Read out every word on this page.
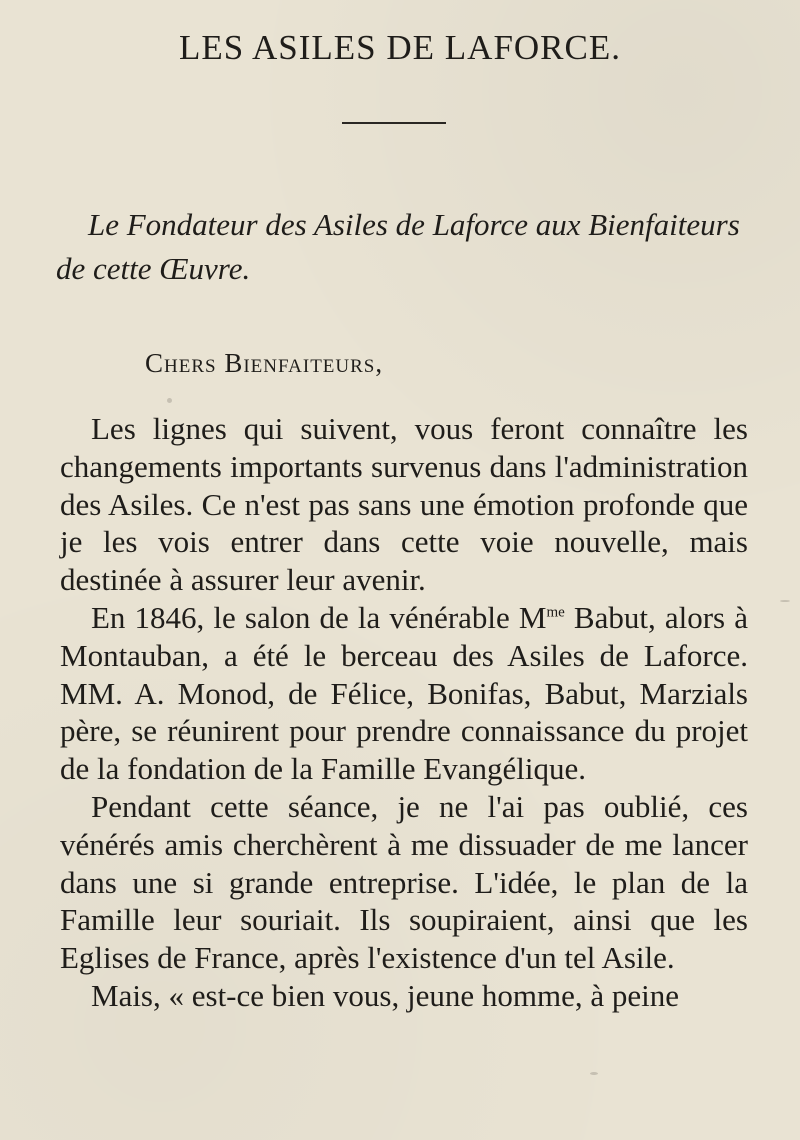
LES ASILES DE LAFORCE.
Le Fondateur des Asiles de Laforce aux Bienfaiteurs de cette Œuvre.
Chers Bienfaiteurs,

Les lignes qui suivent, vous feront connaître les changements importants survenus dans l'administration des Asiles. Ce n'est pas sans une émotion profonde que je les vois entrer dans cette voie nouvelle, mais destinée à assurer leur avenir.

En 1846, le salon de la vénérable $M^{me}$ Babut, alors à Montauban, a été le berceau des Asiles de Laforce. MM. A. Monod, de Félice, Bonifas, Babut, Marzials père, se réunirent pour prendre connaissance du projet de la fondation de la Famille Evangélique.

Pendant cette séance, je ne l'ai pas oublié, ces vénérés amis cherchèrent à me dissuader de me lancer dans une si grande entreprise. L'idée, le plan de la Famille leur souriait. Ils soupiraient, ainsi que les Eglises de France, après l'existence d'un tel Asile.

Mais, « est-ce bien vous, jeune homme, à peine
